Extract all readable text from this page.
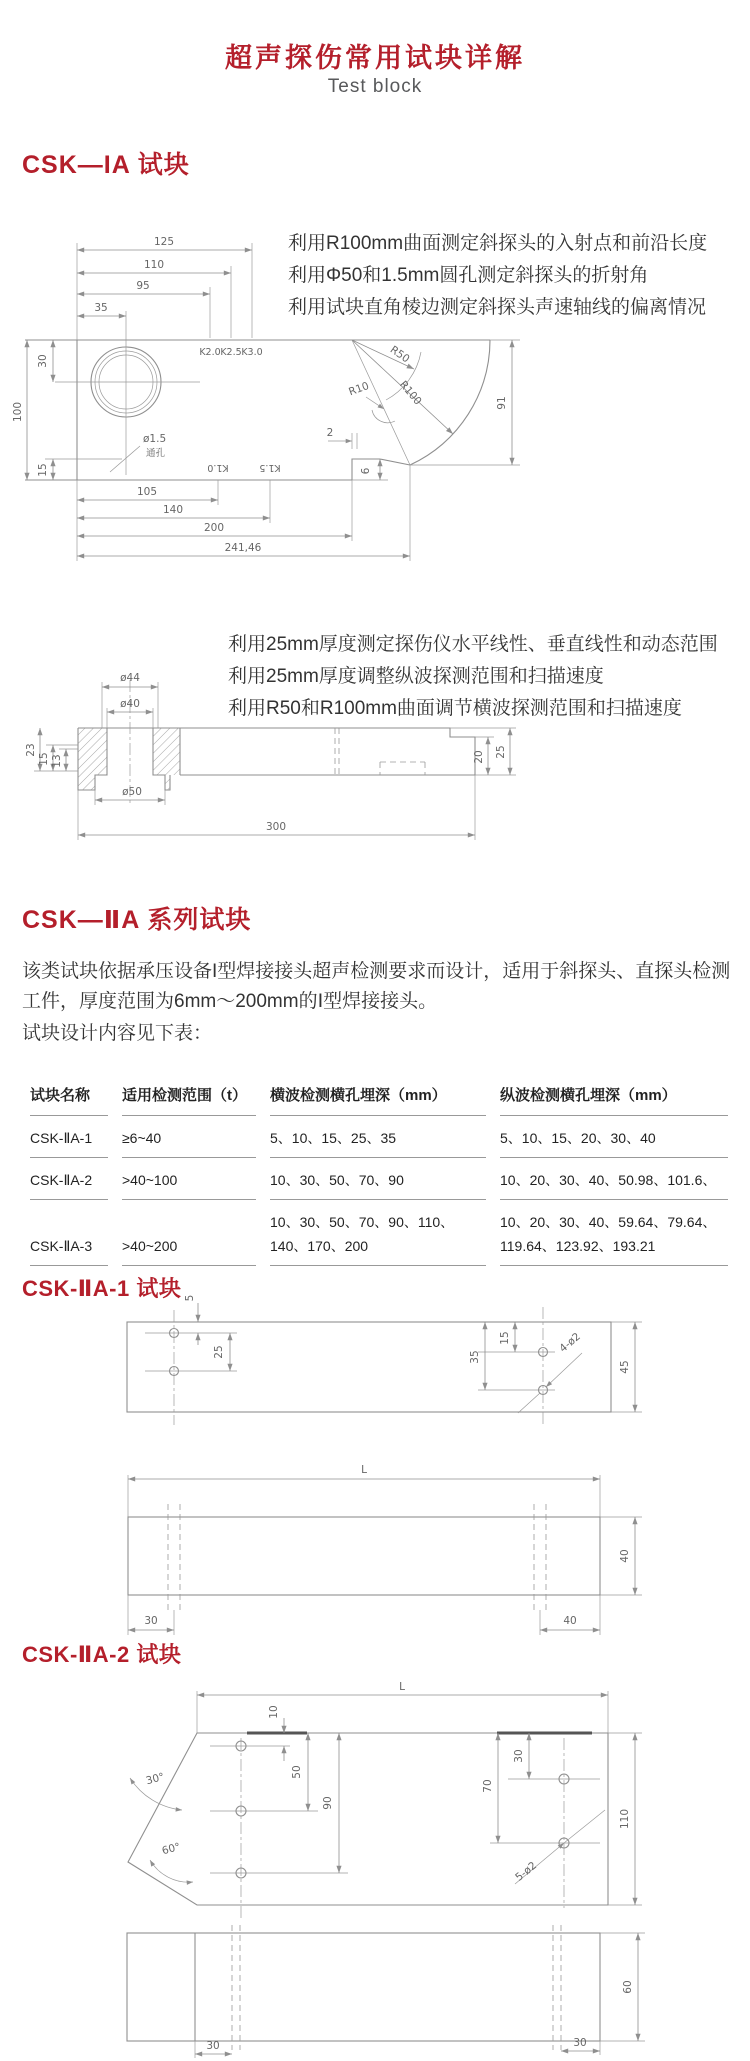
超声探伤常用试块详解
Test block
CSK—IA 试块
利用R100mm曲面测定斜探头的入射点和前沿长度
利用Φ50和1.5mm圆孔测定斜探头的折射角
利用试块直角棱边测定斜探头声速轴线的偏离情况
125
110
95
35
K2.0 K2.5 K3.0
100
30
15
ø1.5
通孔
R50
R100
R10
91
2
6
K1.0	K1.5
105
140
200
241,46
利用25mm厚度测定探伤仪水平线性、垂直线性和动态范围
利用25mm厚度调整纵波探测范围和扫描速度
利用R50和R100mm曲面调节横波探测范围和扫描速度
ø44
ø40
23
15 13
ø50
300
20 25
CSK—ⅡA 系列试块
该类试块依据承压设备I型焊接接头超声检测要求而设计，适用于斜探头、直探头检测工件，厚度范围为6mm～200mm的Ⅰ型焊接接头。
试块设计内容见下表：
试块名称	适用检测范围（t）	横波检测横孔埋深（mm）	纵波检测横孔埋深（mm）
CSK-ⅡA-1	≥6~40	5、10、15、25、35	5、10、15、20、30、40
CSK-ⅡA-2	>40~100	10、30、50、70、90	10、20、30、40、50.98、101.6、
CSK-ⅡA-3	>40~200	10、30、50、70、90、110、140、170、200	10、20、30、40、59.64、79.64、119.64、123.92、193.21
CSK-ⅡA-1 试块 5
25
15
35
4-ø2
45
L
40
30	40
CSK-ⅡA-2 试块
L
30°
60°
10
50
90
30
70
5-ø2
110
60
30	30
